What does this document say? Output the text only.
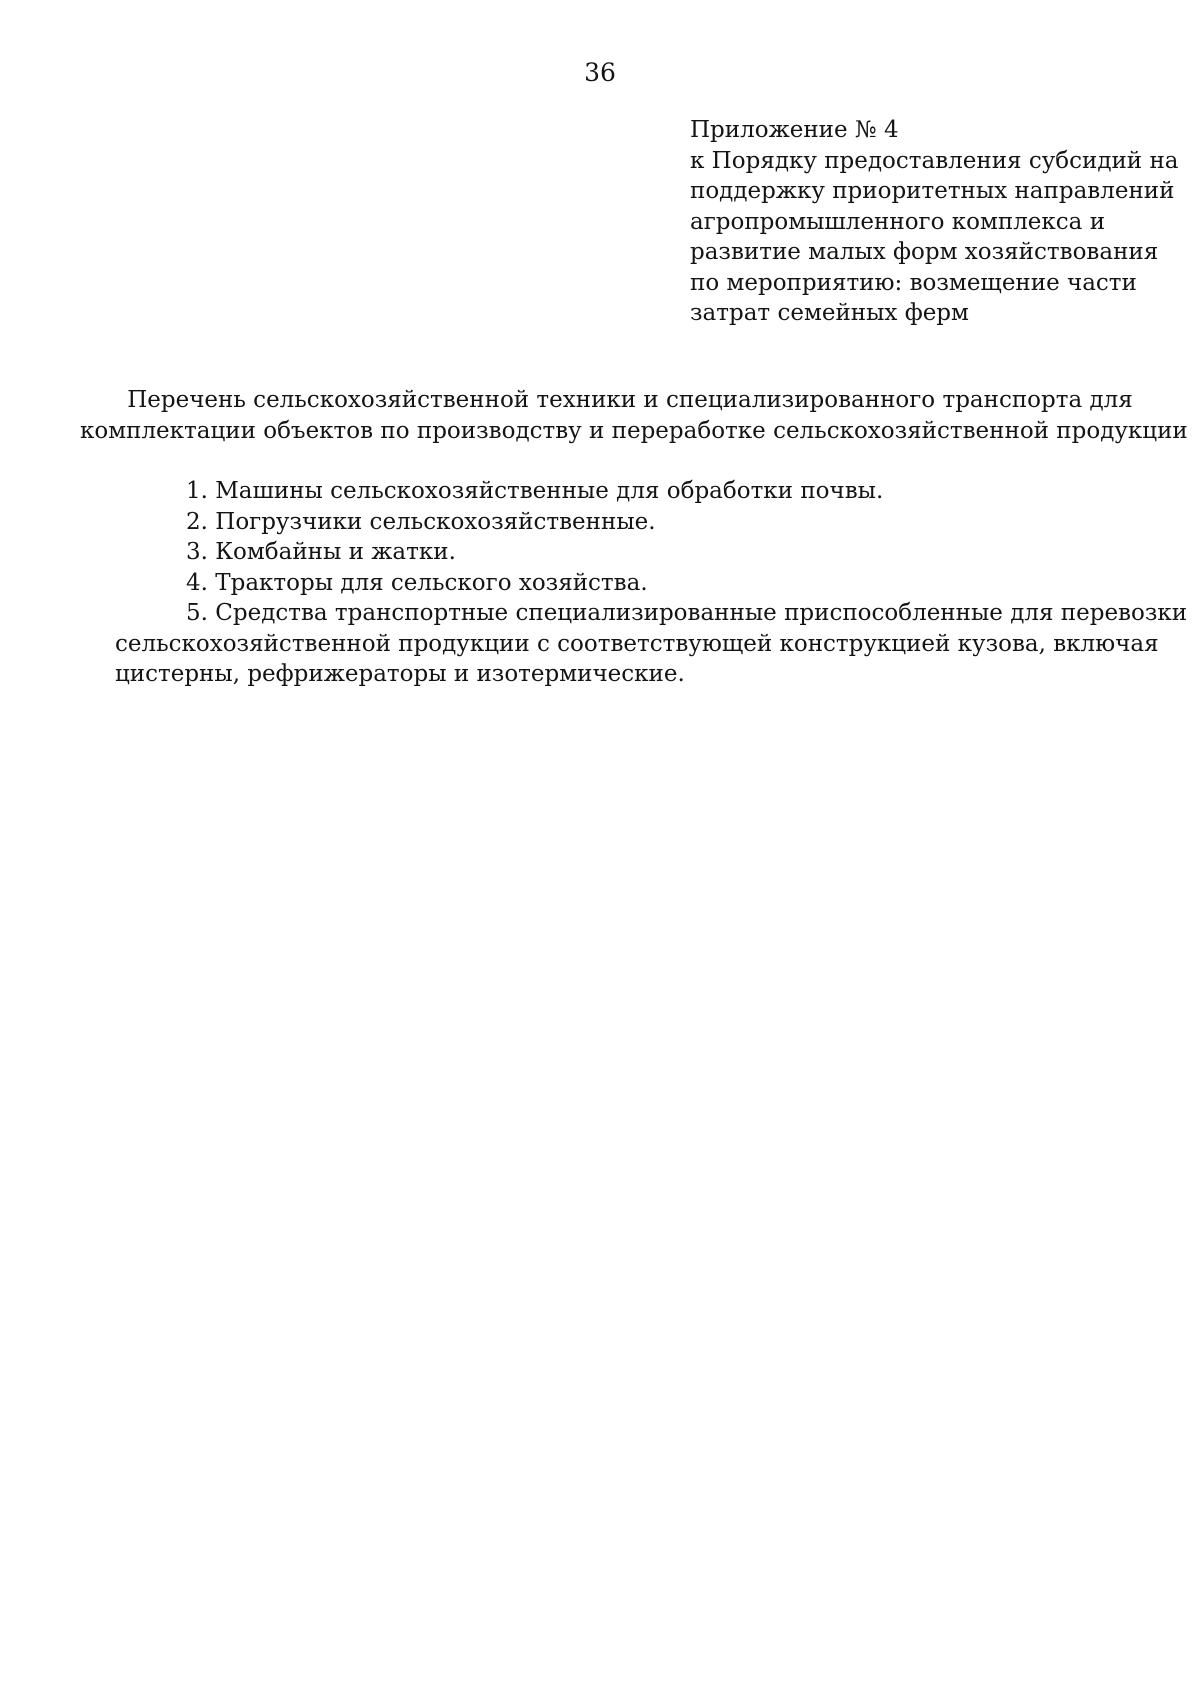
36
Приложение № 4
к Порядку предоставления субсидий на
поддержку приоритетных направлений
агропромышленного комплекса и
развитие малых форм хозяйствования
по мероприятию: возмещение части
затрат семейных ферм
Перечень сельскохозяйственной техники и специализированного транспорта для
комплектации объектов по производству и переработке сельскохозяйственной продукции
1. Машины сельскохозяйственные для обработки почвы.
2. Погрузчики сельскохозяйственные.
3. Комбайны и жатки.
4. Тракторы для сельского хозяйства.
5. Средства транспортные специализированные приспособленные для перевозки
сельскохозяйственной продукции с соответствующей конструкцией кузова, включая
цистерны, рефрижераторы и изотермические.
